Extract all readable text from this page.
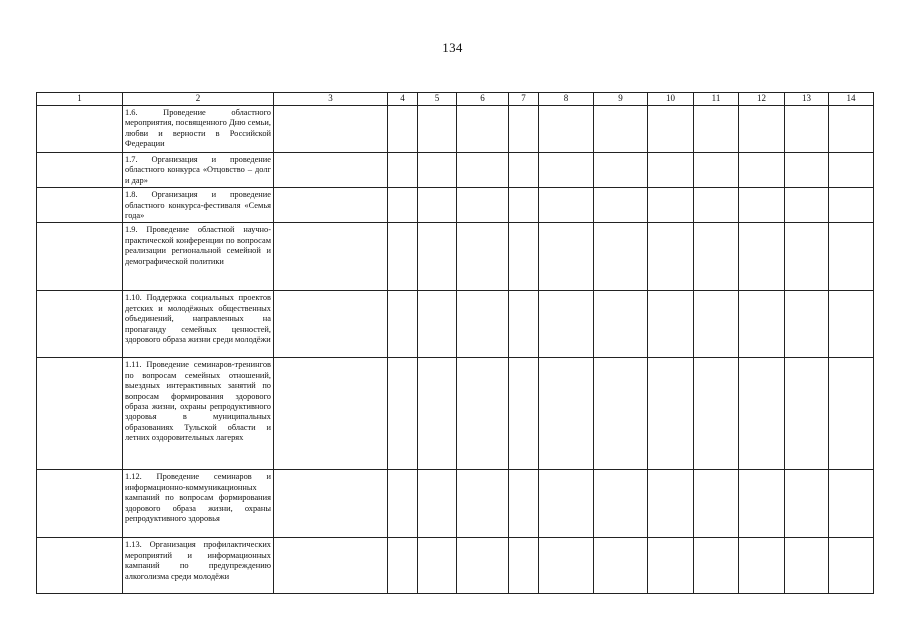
134
1	2	3	4	5	6	7	8	9	10	11	12	13	14
	1.6. Проведение областного мероприятия, посвященного Дню семьи, любви и верности в Российской Федерации												
	1.7. Организация и проведение областного конкурса «Отцовство – долг и дар»												
	1.8. Организация и проведение областного конкурса-фестиваля «Семья года»												
	1.9. Проведение областной научно-практической конференции по вопросам реализации региональной семейной и демографической политики												
	1.10. Поддержка социальных проектов детских и молодёжных общественных объединений, направленных на пропаганду семейных ценностей, здорового образа жизни среди молодёжи												
	1.11. Проведение семинаров-тренингов по вопросам семейных отношений, выездных интерактивных занятий по вопросам формирования здорового образа жизни, охраны репродуктивного здоровья в муниципальных образованиях Тульской области и летних оздоровительных лагерях												
	1.12. Проведение семинаров и информационно-коммуникационных кампаний по вопросам формирования здорового образа жизни, охраны репродуктивного здоровья												
	1.13. Организация профилактических мероприятий и информационных кампаний по предупреждению алкоголизма среди молодёжи												
